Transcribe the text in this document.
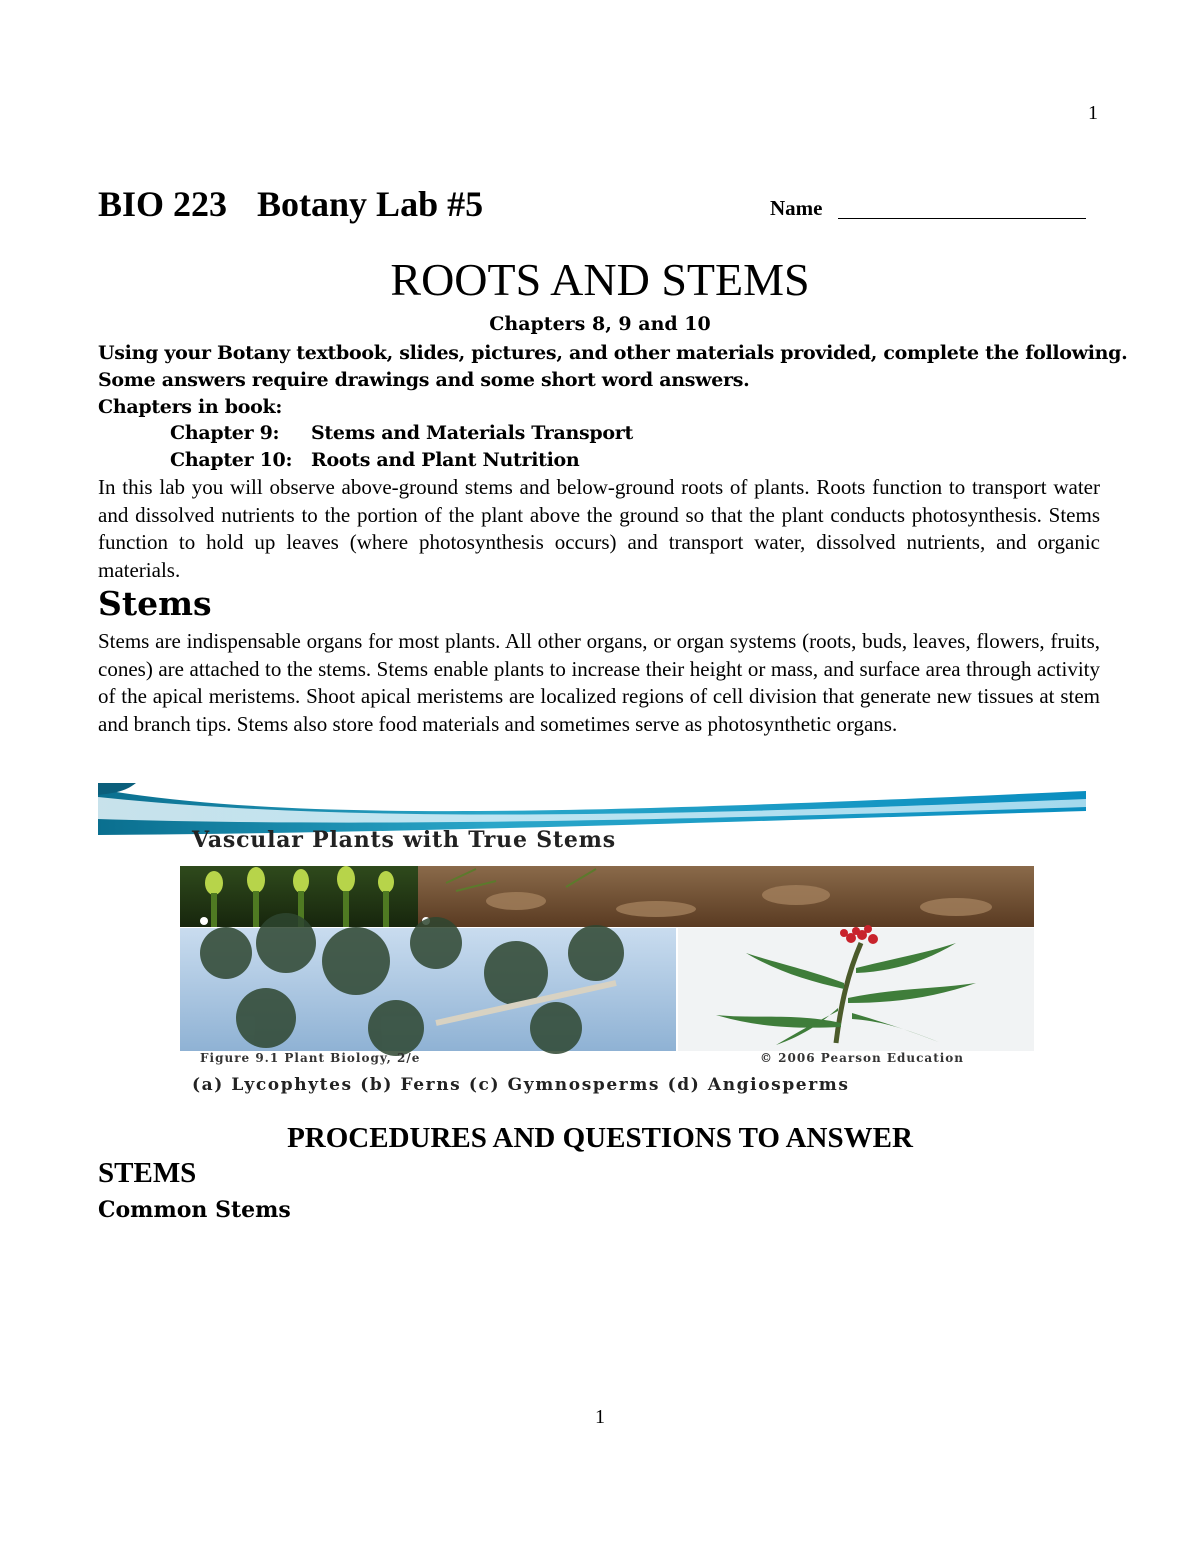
1
BIO 223 Botany Lab #5	Name
ROOTS AND STEMS
Chapters 8, 9 and 10
Using your Botany textbook, slides, pictures, and other materials provided, complete the following.
Some answers require drawings and some short word answers.
Chapters in book:
Chapter 9: Stems and Materials Transport
Chapter 10: Roots and Plant Nutrition
In this lab you will observe above-ground stems and below-ground roots of plants. Roots function to transport water and dissolved nutrients to the portion of the plant above the ground so that the plant conducts photosynthesis. Stems function to hold up leaves (where photosynthesis occurs) and transport water, dissolved nutrients, and organic materials.
Stems
Stems are indispensable organs for most plants. All other organs, or organ systems (roots, buds, leaves, flowers, fruits, cones) are attached to the stems. Stems enable plants to increase their height or mass, and surface area through activity of the apical meristems. Shoot apical meristems are localized regions of cell division that generate new tissues at stem and branch tips. Stems also store food materials and sometimes serve as photosynthetic organs.
Vascular Plants with True Stems
Figure 9.1 Plant Biology, 2/e	© 2006 Pearson Education
(a) Lycophytes (b) Ferns (c) Gymnosperms (d) Angiosperms
PROCEDURES AND QUESTIONS TO ANSWER
STEMS
Common Stems
1
